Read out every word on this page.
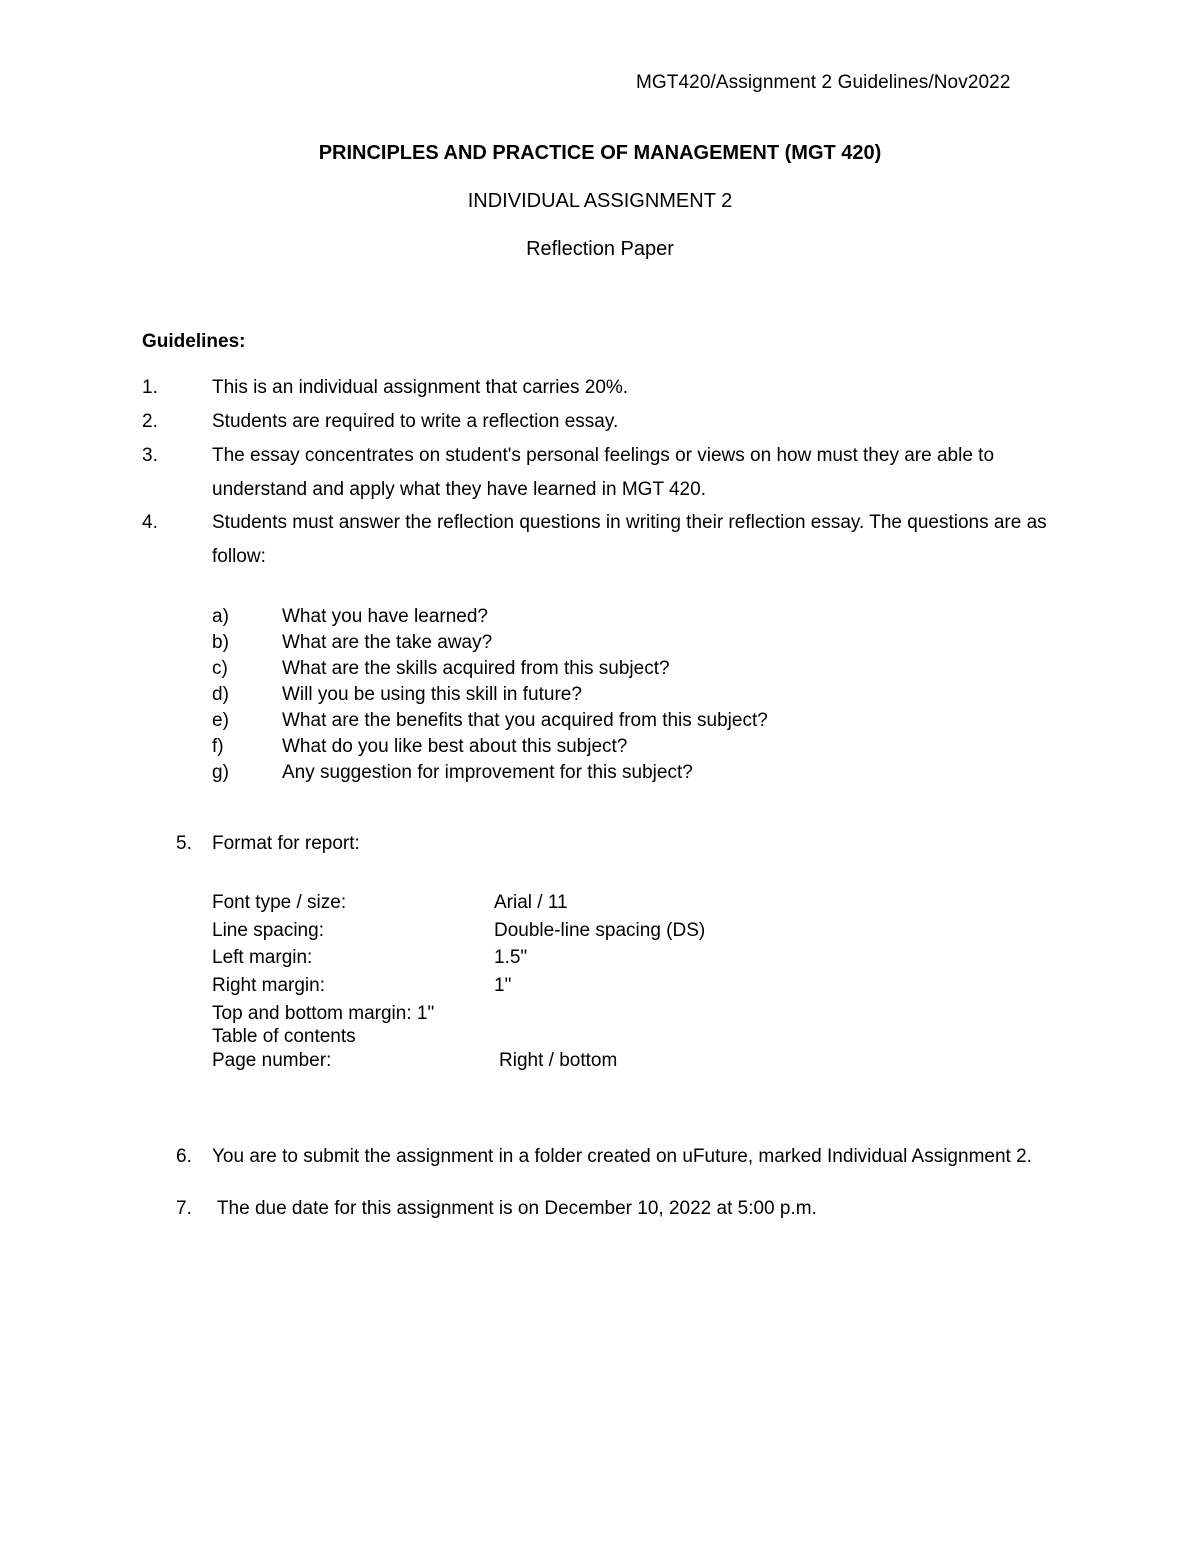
MGT420/Assignment 2 Guidelines/Nov2022
PRINCIPLES AND PRACTICE OF MANAGEMENT (MGT 420)
INDIVIDUAL ASSIGNMENT 2
Reflection Paper
Guidelines:
1.	This is an individual assignment that carries 20%.
2.	Students are required to write a reflection essay.
3.	The essay concentrates on student's personal feelings or views on how must they are able to understand and apply what they have learned in MGT 420.
4.	Students must answer the reflection questions in writing their reflection essay. The questions are as follow:
a)	What you have learned?
b)	What are the take away?
c)	What are the skills acquired from this subject?
d)	Will you be using this skill in future?
e)	What are the benefits that you acquired from this subject?
f)	What do you like best about this subject?
g)	Any suggestion for improvement for this subject?
5. Format for report:
Font type / size:	Arial / 11
Line spacing:	Double-line spacing (DS)
Left margin:	1.5"
Right margin:	1"
Top and bottom margin: 1"
Table of contents
Page number:	Right / bottom
6. You are to submit the assignment in a folder created on uFuture, marked Individual Assignment 2.
7. The due date for this assignment is on December 10, 2022 at 5:00 p.m.
